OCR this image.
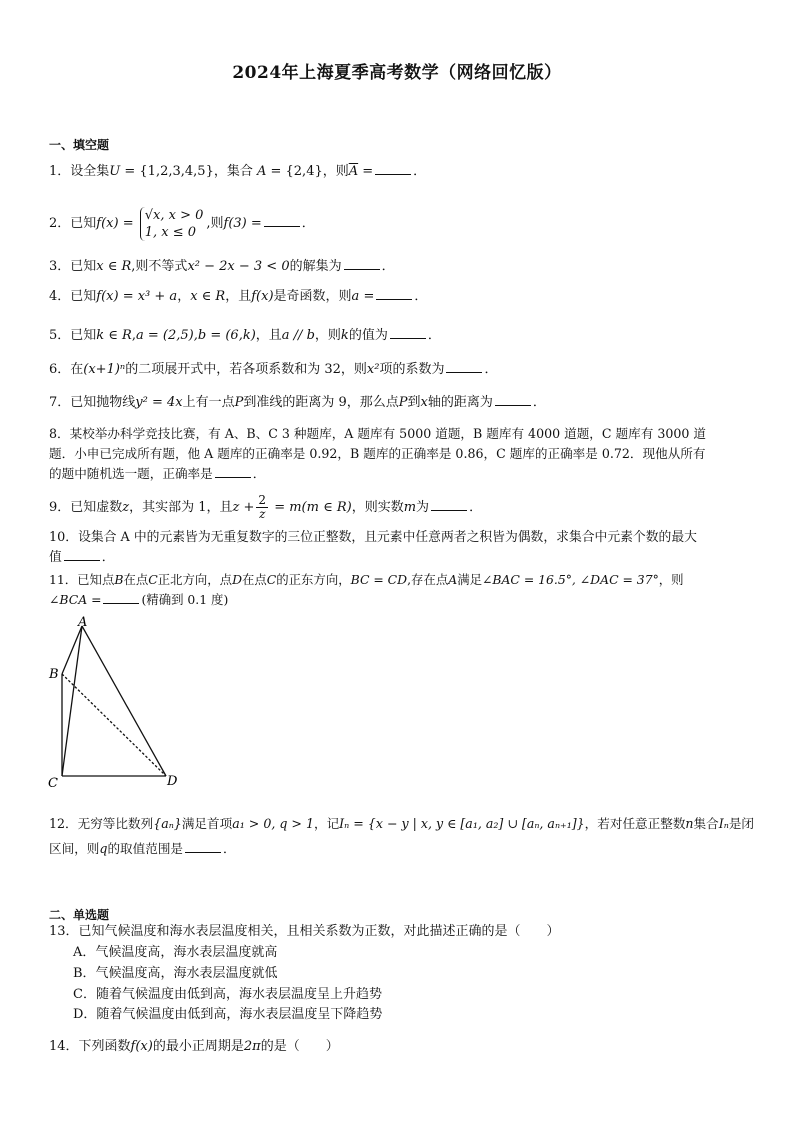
2024年上海夏季高考数学（网络回忆版）
一、填空题
1．设全集U = {1,2,3,4,5}，集合 A = {2,4}，则$\overline{A}$ =	．
2．已知f(x) = √x, x > 0
1, x ≤ 0,则f(3) =	．
3．已知x ∈ R,则不等式x² − 2x − 3 < 0的解集为	．
4．已知f(x) = x³ + a，x ∈ R，且f(x)是奇函数，则a =	．
5．已知k ∈ R,a = (2,5),b = (6,k)，且a // b，则k的值为	．
6．在(x+1)ⁿ的二项展开式中，若各项系数和为 32，则x²项的系数为	．
7．已知抛物线y² = 4x上有一点P到准线的距离为 9，那么点P到x轴的距离为	．
8．某校举办科学竞技比赛，有 A、B、C 3 种题库，A 题库有 5000 道题，B 题库有 4000 道题，C 题库有 3000 道
题．小申已完成所有题，他 A 题库的正确率是 0.92，B 题库的正确率是 0.86，C 题库的正确率是 0.72．现他从所有
的题中随机选一题，正确率是	．
9．已知虚数z，其实部为 1，且$z + \frac{2}{z} = m(m$ ∈ R)，则实数m为	．
10．设集合 A 中的元素皆为无重复数字的三位正整数，且元素中任意两者之积皆为偶数，求集合中元素个数的最大
值	．
11．已知点B在点C正北方向，点D在点C的正东方向，BC = CD,存在点A满足∠BAC = 16.5°, ∠DAC = 37°，则
∠BCA =	(精确到 0.1 度)
A
B
C	D
12．无穷等比数列{aₙ}满足首项a₁ > 0, q > 1，记Iₙ = {x − y | x, y ∈ [a₁, a₂] ∪ [aₙ, aₙ₊₁]}，若对任意正整数n集合Iₙ是闭
区间，则q的取值范围是	．
二、单选题
13．已知气候温度和海水表层温度相关，且相关系数为正数，对此描述正确的是（　　）
A．气候温度高，海水表层温度就高
B．气候温度高，海水表层温度就低
C．随着气候温度由低到高，海水表层温度呈上升趋势
D．随着气候温度由低到高，海水表层温度呈下降趋势
14．下列函数f(x)的最小正周期是2π的是（　　）
